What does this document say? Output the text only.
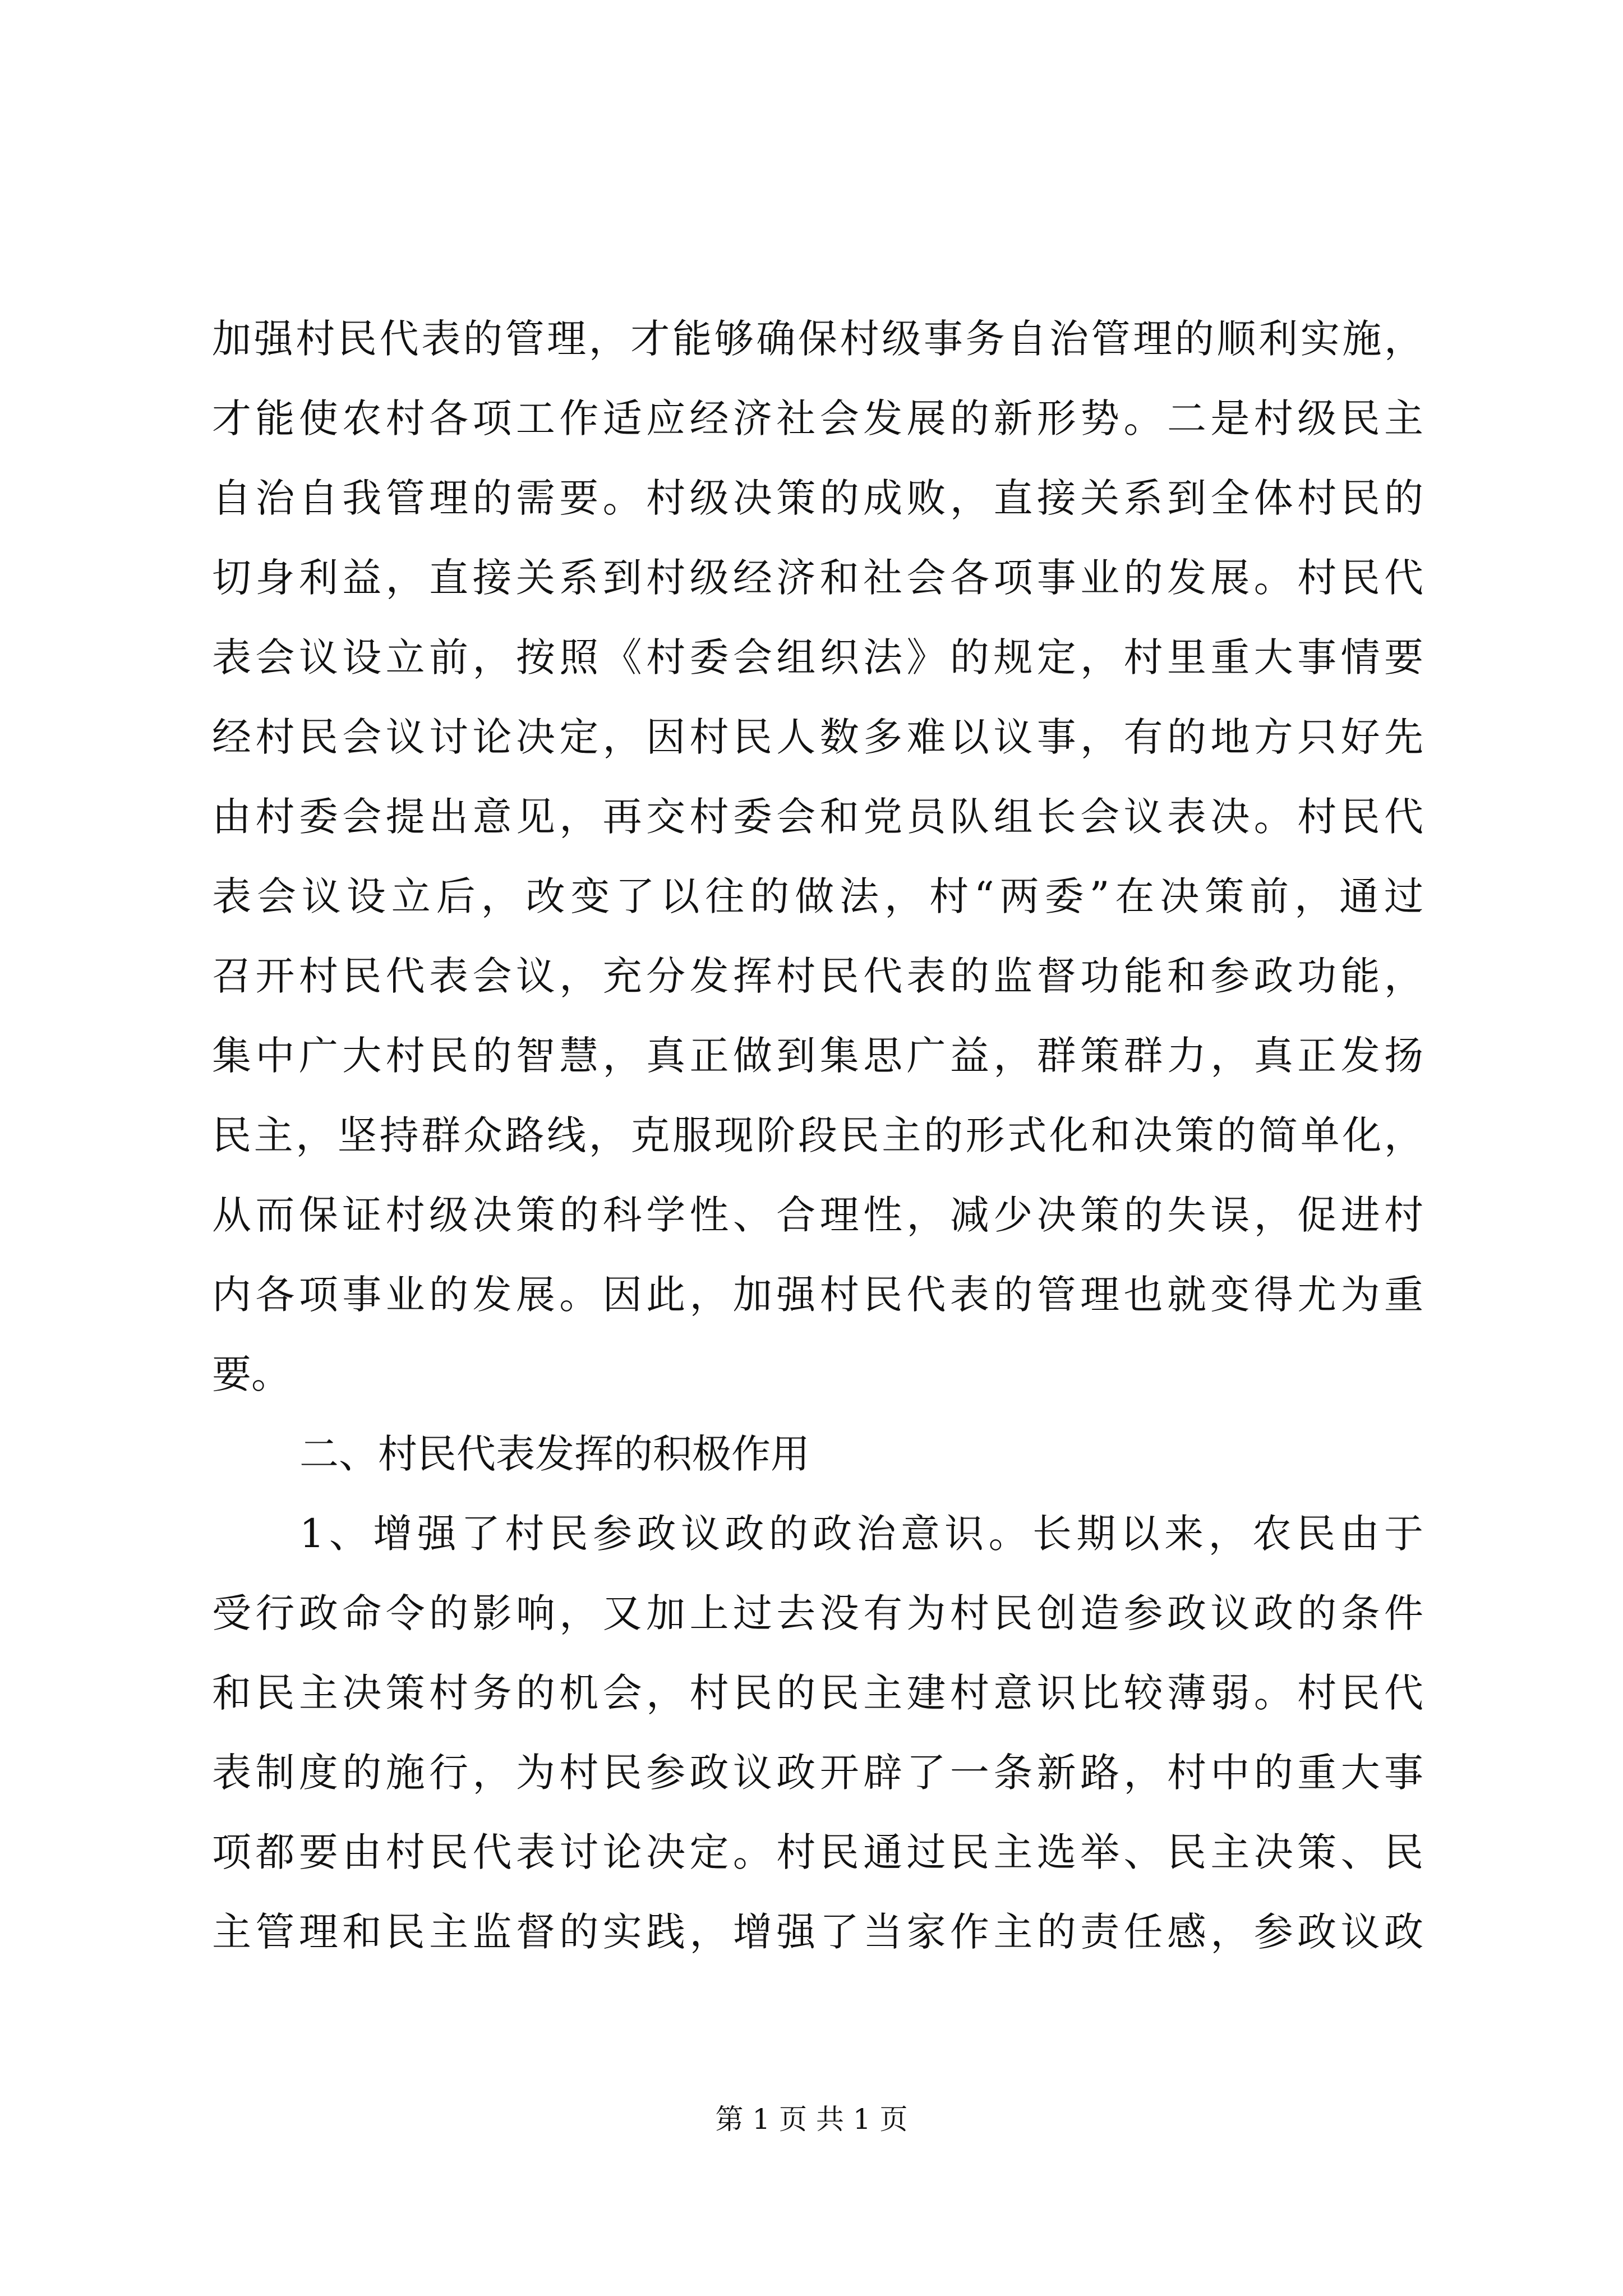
加强村民代表的管理，才能够确保村级事务自治管理的顺利实施，
才能使农村各项工作适应经济社会发展的新形势。二是村级民主
自治自我管理的需要。村级决策的成败，直接关系到全体村民的
切身利益，直接关系到村级经济和社会各项事业的发展。村民代
表会议设立前，按照《村委会组织法》的规定，村里重大事情要
经村民会议讨论决定，因村民人数多难以议事，有的地方只好先
由村委会提出意见，再交村委会和党员队组长会议表决。村民代
表会议设立后，改变了以往的做法，村“两委”在决策前，通过
召开村民代表会议，充分发挥村民代表的监督功能和参政功能，
集中广大村民的智慧，真正做到集思广益，群策群力，真正发扬
民主，坚持群众路线，克服现阶段民主的形式化和决策的简单化，
从而保证村级决策的科学性、合理性，减少决策的失误，促进村
内各项事业的发展。因此，加强村民代表的管理也就变得尤为重
要。
二、村民代表发挥的积极作用
1、增强了村民参政议政的政治意识。长期以来，农民由于
受行政命令的影响，又加上过去没有为村民创造参政议政的条件
和民主决策村务的机会，村民的民主建村意识比较薄弱。村民代
表制度的施行，为村民参政议政开辟了一条新路，村中的重大事
项都要由村民代表讨论决定。村民通过民主选举、民主决策、民
主管理和民主监督的实践，增强了当家作主的责任感，参政议政
第 1 页 共 1 页
